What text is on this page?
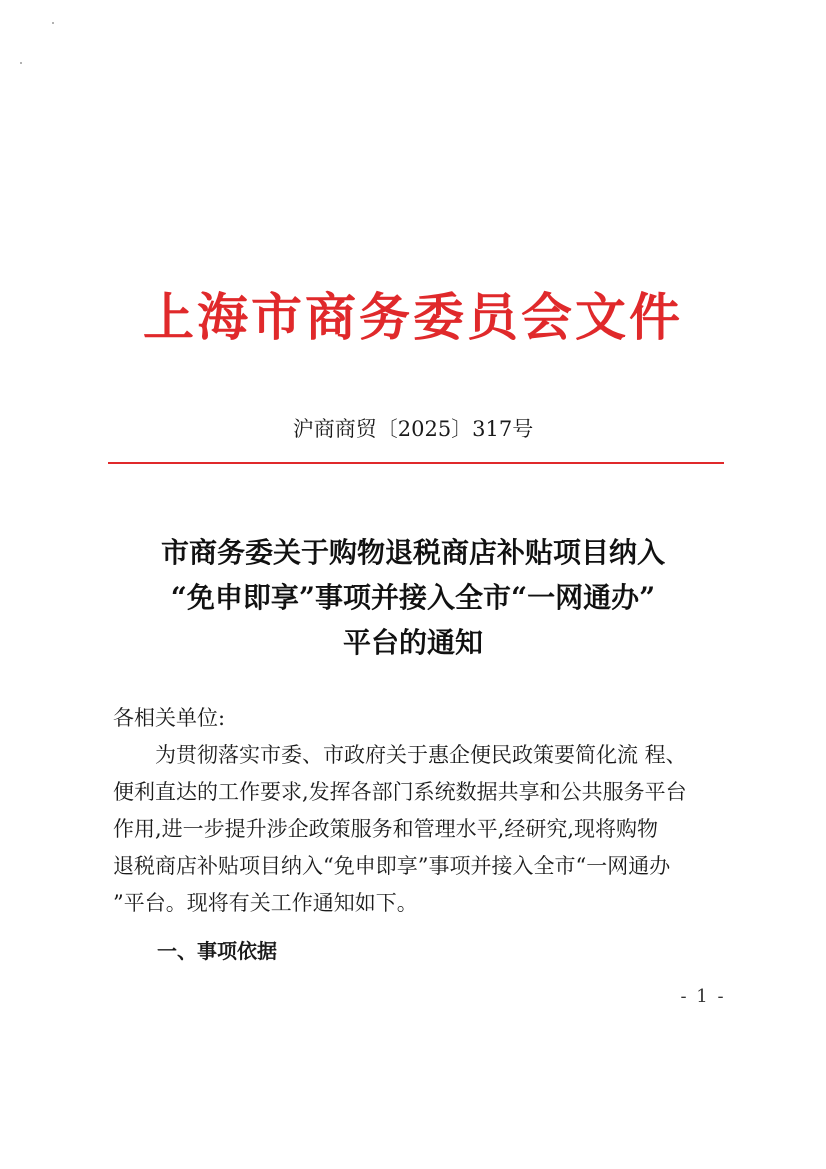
上海市商务委员会文件
沪商商贸〔2025〕317号
市商务委关于购物退税商店补贴项目纳入
“免申即享”事项并接入全市“一网通办”
平台的通知
各相关单位:
为贯彻落实市委、市政府关于惠企便民政策要简化流 程、
便利直达的工作要求,发挥各部门系统数据共享和公共服务平台
作用,进一步提升涉企政策服务和管理水平,经研究,现将购物
退税商店补贴项目纳入“免申即享”事项并接入全市“一网通办
”平台。现将有关工作通知如下。
一、事项依据
- 1 -
